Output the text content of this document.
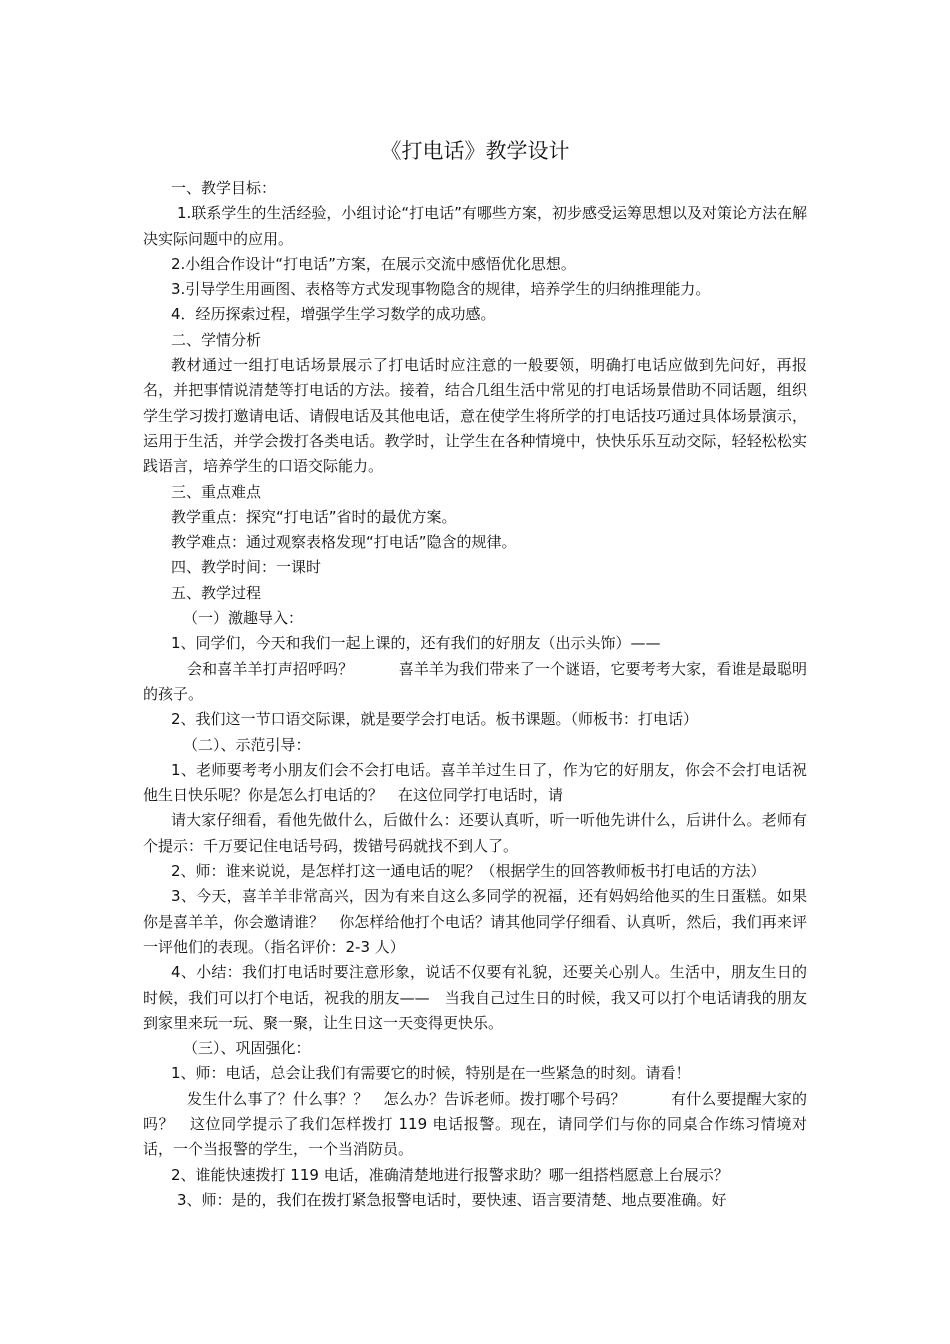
《打电话》教学设计

一、教学目标：

1.联系学生的生活经验，小组讨论“打电话”有哪些方案，初步感受运筹思想以及对策论方法在解决实际问题中的应用。

2.小组合作设计“打电话”方案，在展示交流中感悟优化思想。

3.引导学生用画图、表格等方式发现事物隐含的规律，培养学生的归纳推理能力。

4．经历探索过程，增强学生学习数学的成功感。

二、学情分析

教材通过一组打电话场景展示了打电话时应注意的一般要领，明确打电话应做到先问好，再报名，并把事情说清楚等打电话的方法。接着，结合几组生活中常见的打电话场景借助不同话题，组织学生学习拨打邀请电话、请假电话及其他电话，意在使学生将所学的打电话技巧通过具体场景演示，运用于生活，并学会拨打各类电话。教学时，让学生在各种情境中，快快乐乐互动交际，轻轻松松实践语言，培养学生的口语交际能力。

三、重点难点

教学重点：探究“打电话”省时的最优方案。

教学难点：通过观察表格发现“打电话”隐含的规律。

四、教学时间：一课时

五、教学过程

（一）激趣导入：

1、同学们，今天和我们一起上课的，还有我们的好朋友（出示头饰）——

会和喜羊羊打声招呼吗？　　　喜羊羊为我们带来了一个谜语，它要考考大家，看谁是最聪明的孩子。

2、我们这一节口语交际课，就是要学会打电话。板书课题。（师板书：打电话）

（二）、示范引导：

1、老师要考考小朋友们会不会打电话。喜羊羊过生日了，作为它的好朋友，你会不会打电话祝他生日快乐呢？你是怎么打电话的？　在这位同学打电话时，请

请大家仔细看，看他先做什么，后做什么：还要认真听，听一听他先讲什么，后讲什么。老师有个提示：千万要记住电话号码，拨错号码就找不到人了。

2、师：谁来说说，是怎样打这一通电话的呢？（根据学生的回答教师板书打电话的方法）

3、今天，喜羊羊非常高兴，因为有来自这么多同学的祝福，还有妈妈给他买的生日蛋糕。如果你是喜羊羊，你会邀请谁？　你怎样给他打个电话？请其他同学仔细看、认真听，然后，我们再来评一评他们的表现。（指名评价：2-3 人）

4、小结：我们打电话时要注意形象，说话不仅要有礼貌，还要关心别人。生活中，朋友生日的时候，我们可以打个电话，祝我的朋友——　当我自己过生日的时候，我又可以打个电话请我的朋友到家里来玩一玩、聚一聚，让生日这一天变得更快乐。

（三）、巩固强化：

1、师：电话，总会让我们有需要它的时候，特别是在一些紧急的时刻。请看！

发生什么事了？什么事？？　怎么办？告诉老师。拨打哪个号码？　　　有什么要提醒大家的吗？　这位同学提示了我们怎样拨打 119 电话报警。现在，请同学们与你的同桌合作练习情境对话，一个当报警的学生，一个当消防员。

2、谁能快速拨打 119 电话，准确清楚地进行报警求助？哪一组搭档愿意上台展示？

3、师：是的，我们在拨打紧急报警电话时，要快速、语言要清楚、地点要准确。好
